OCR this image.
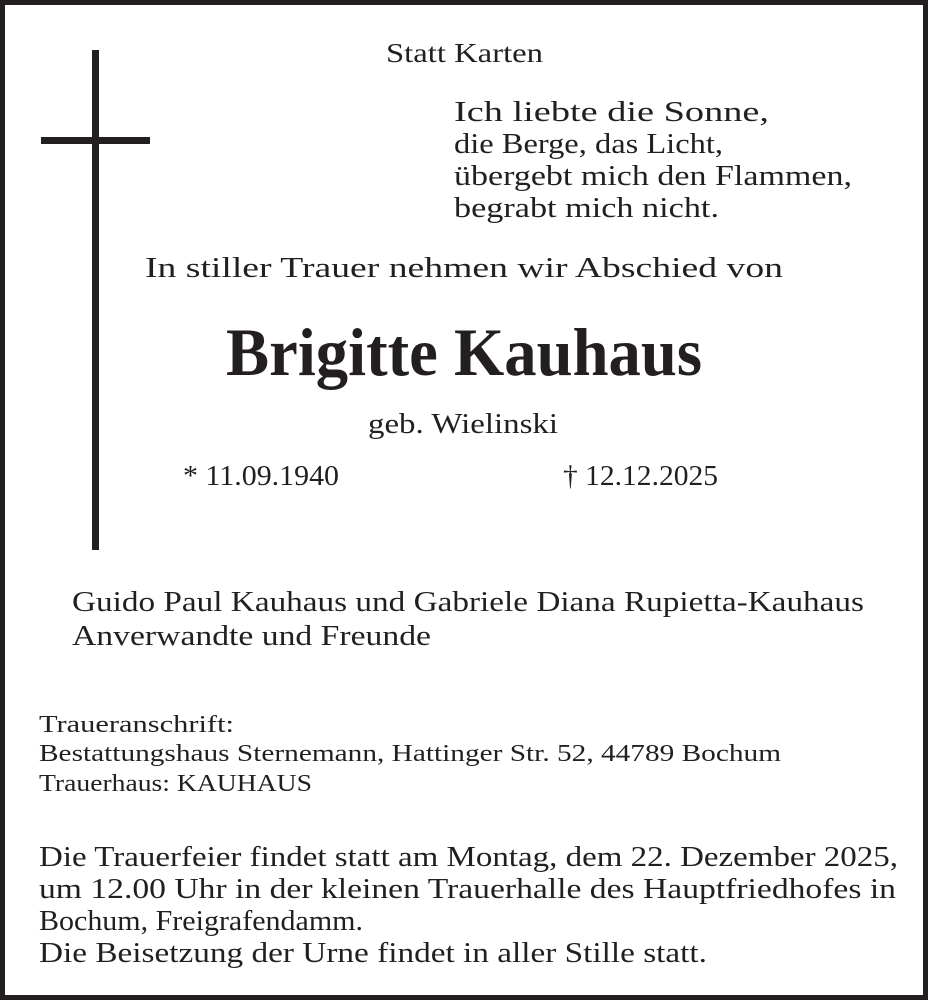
Statt Karten
Ich liebte die Sonne,
die Berge, das Licht,
übergebt mich den Flammen,
begrabt mich nicht.
In stiller Trauer nehmen wir Abschied von
Brigitte Kauhaus
geb. Wielinski
* 11.09.1940	† 12.12.2025
Guido Paul Kauhaus und Gabriele Diana Rupietta-Kauhaus
Anverwandte und Freunde
Traueranschrift:
Bestattungshaus Sternemann, Hattinger Str. 52, 44789 Bochum
Trauerhaus: KAUHAUS
Die Trauerfeier findet statt am Montag, dem 22. Dezember 2025,
um 12.00 Uhr in der kleinen Trauerhalle des Hauptfriedhofes in
Bochum, Freigrafendamm.
Die Beisetzung der Urne findet in aller Stille statt.
